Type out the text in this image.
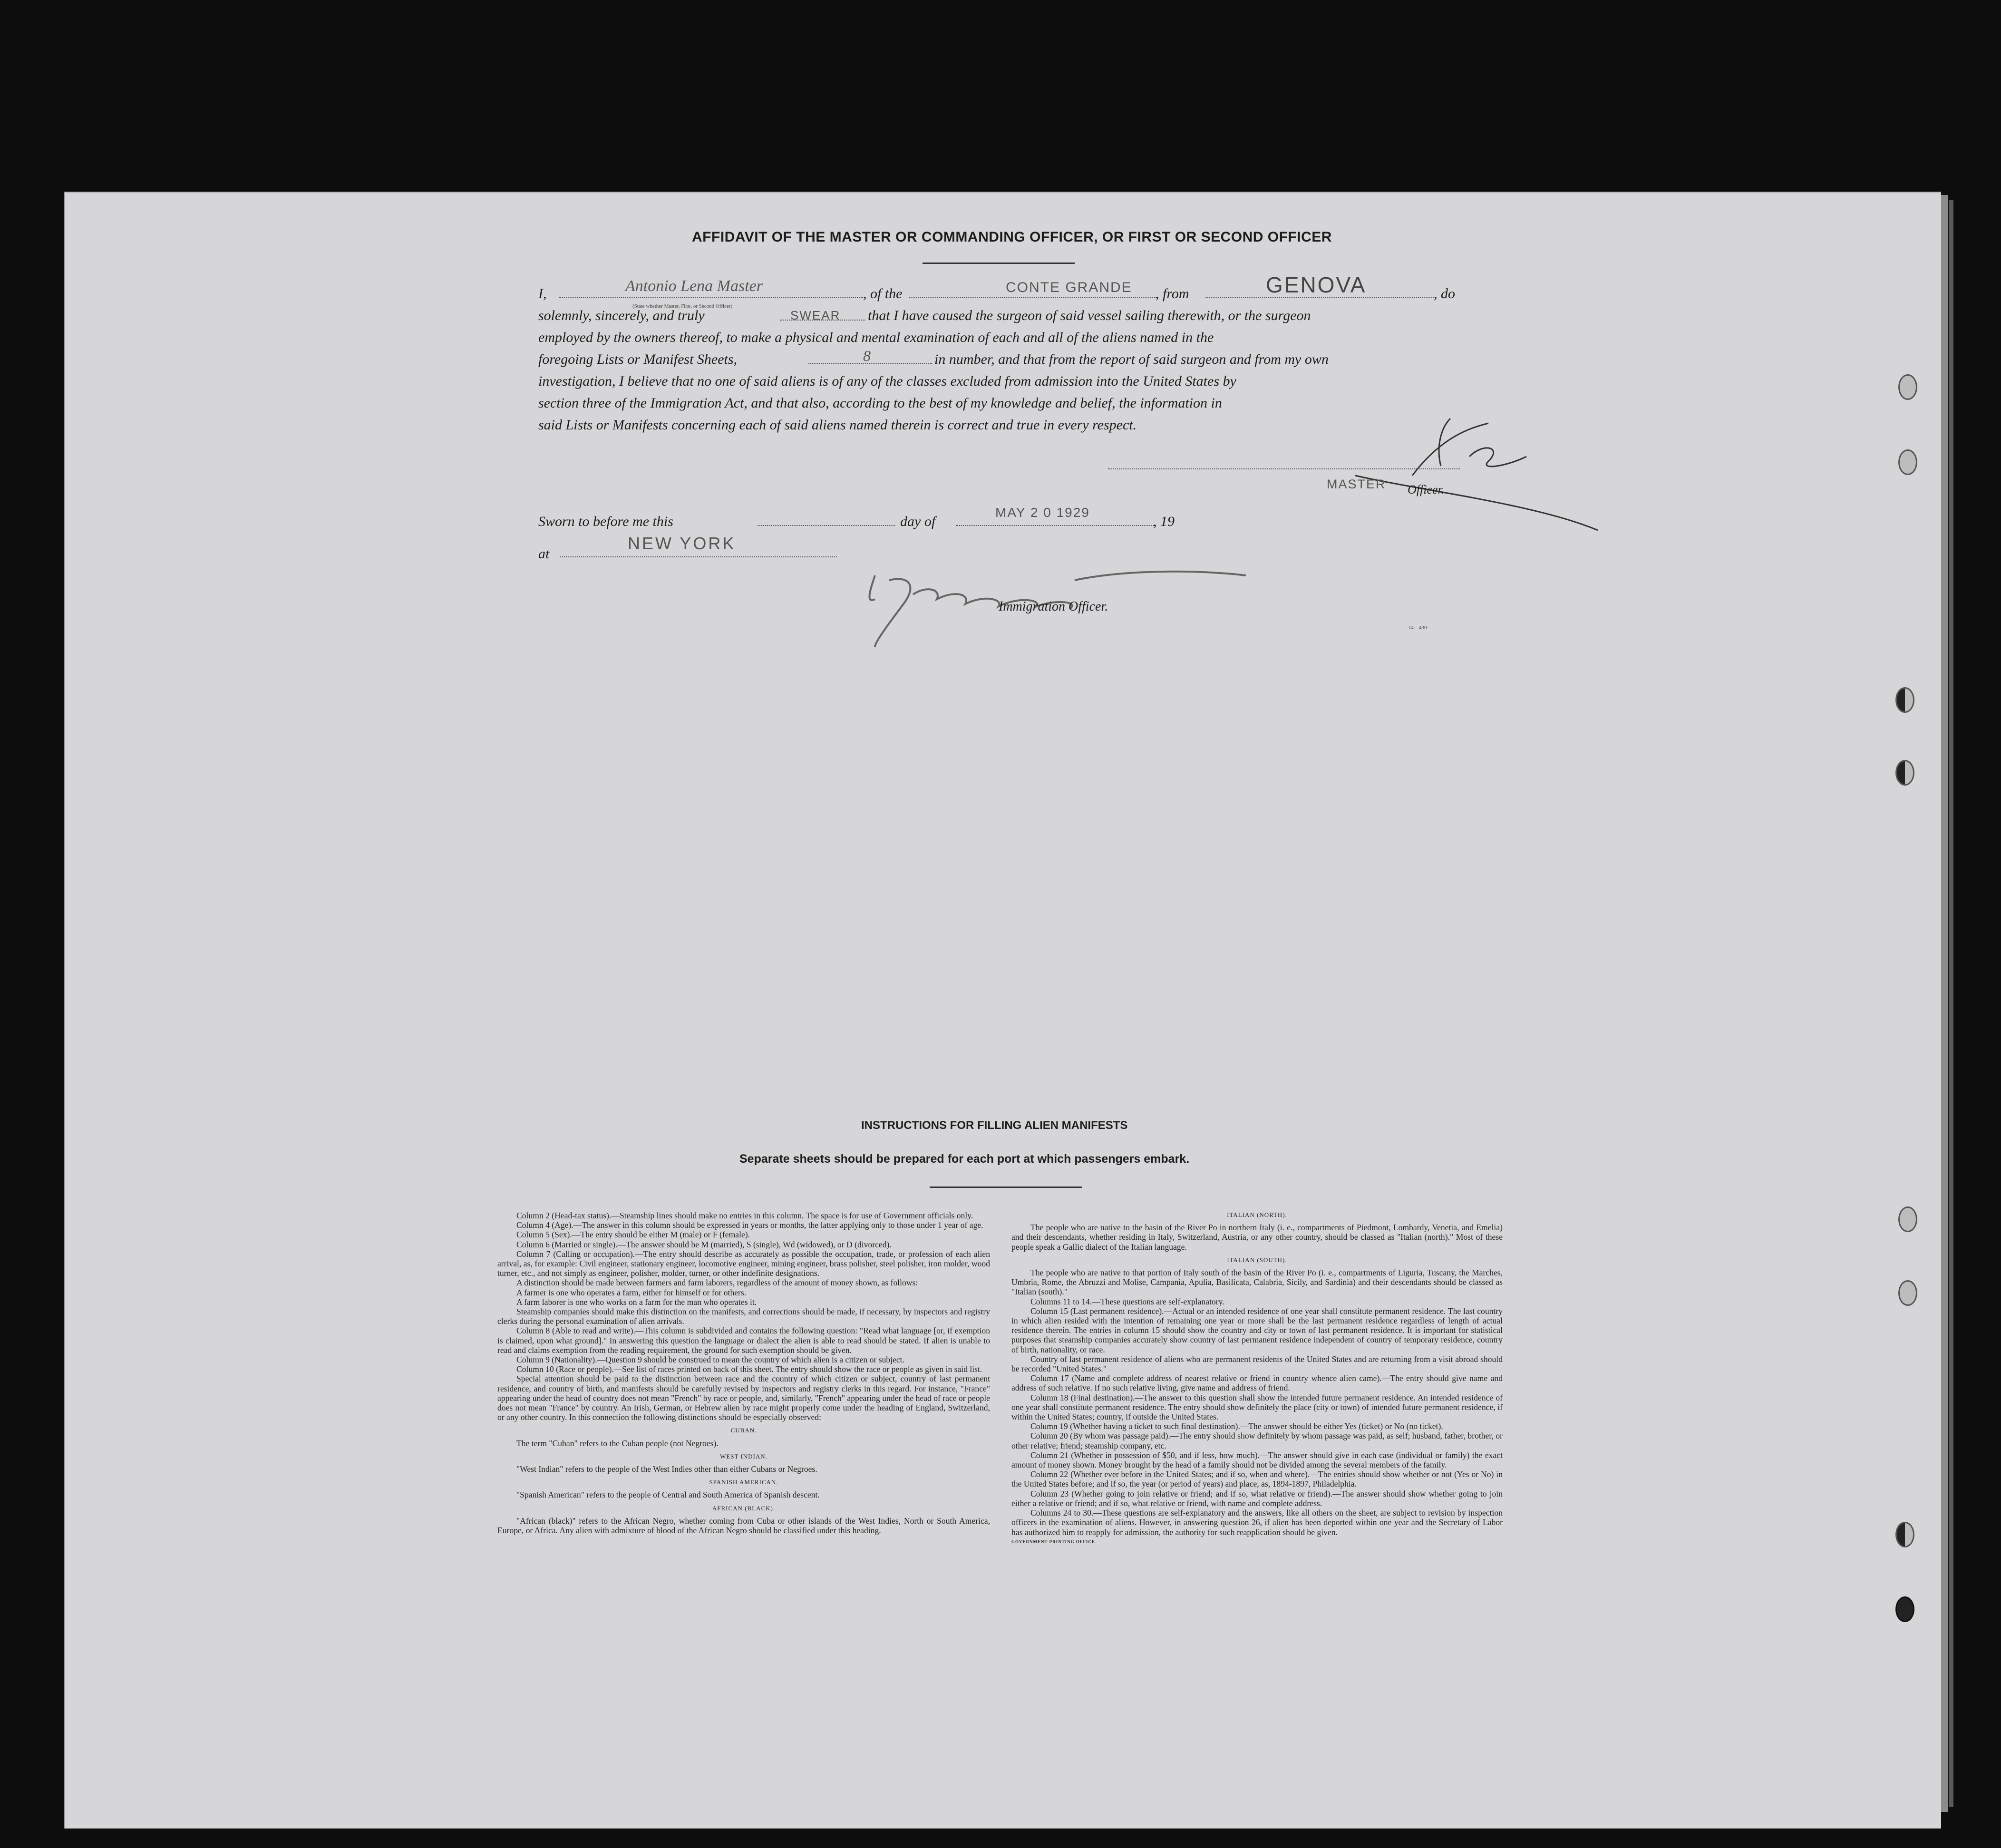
AFFIDAVIT OF THE MASTER OR COMMANDING OFFICER, OR FIRST OR SECOND OFFICER
I,	Antonio Lena Master	, of the	CONTE GRANDE , from	GENOVA	, do
(State whether Master, First, or Second Officer)
solemnly, sincerely, and truly	SWEAR that I have caused the surgeon of said vessel sailing therewith, or the surgeon
employed by the owners thereof, to make a physical and mental examination of each and all of the aliens named in the
foregoing Lists or Manifest Sheets,	8	in number, and that from the report of said surgeon and from my own
investigation, I believe that no one of said aliens is of any of the classes excluded from admission into the United States by
section three of the Immigration Act, and that also, according to the best of my knowledge and belief, the information in
said Lists or Manifests concerning each of said aliens named therein is correct and true in every respect.
MASTER Officer.
Sworn to before me this	day of
MAY 2 0 1929
, 19
at
NEW YORK
Immigration Officer.
14—430
INSTRUCTIONS FOR FILLING ALIEN MANIFESTS
Separate sheets should be prepared for each port at which passengers embark.

Column 2 (Head-tax status).—Steamship lines should make no entries in this column. The space is for use of Government officials only.

Column 4 (Age).—The answer in this column should be expressed in years or months, the latter applying only to those under 1 year of age.

Column 5 (Sex).—The entry should be either M (male) or F (female).

Column 6 (Married or single).—The answer should be M (married), S (single), Wd (widowed), or D (divorced).

Column 7 (Calling or occupation).—The entry should describe as accurately as possible the occupation, trade, or profession of each alien arrival, as, for example: Civil engineer, stationary engineer, locomotive engineer, mining engineer, brass polisher, steel polisher, iron molder, wood turner, etc., and not simply as engineer, polisher, molder, turner, or other indefinite designations.

A distinction should be made between farmers and farm laborers, regardless of the amount of money shown, as follows:

A farmer is one who operates a farm, either for himself or for others.

A farm laborer is one who works on a farm for the man who operates it.

Steamship companies should make this distinction on the manifests, and corrections should be made, if necessary, by inspectors and registry clerks during the personal examination of alien arrivals.

Column 8 (Able to read and write).—This column is subdivided and contains the following question: "Read what language [or, if exemption is claimed, upon what ground]." In answering this question the language or dialect the alien is able to read should be stated. If alien is unable to read and claims exemption from the reading requirement, the ground for such exemption should be given.

Column 9 (Nationality).—Question 9 should be construed to mean the country of which alien is a citizen or subject.

Column 10 (Race or people).—See list of races printed on back of this sheet. The entry should show the race or people as given in said list.

Special attention should be paid to the distinction between race and the country of which citizen or subject, country of last permanent residence, and country of birth, and manifests should be carefully revised by inspectors and registry clerks in this regard. For instance, "France" appearing under the head of country does not mean "French" by race or people, and, similarly, "French" appearing under the head of race or people does not mean "France" by country. An Irish, German, or Hebrew alien by race might properly come under the heading of England, Switzerland, or any other country. In this connection the following distinctions should be especially observed:

CUBAN.

The term "Cuban" refers to the Cuban people (not Negroes).

WEST INDIAN.

"West Indian" refers to the people of the West Indies other than either Cubans or Negroes.

SPANISH AMERICAN.

"Spanish American" refers to the people of Central and South America of Spanish descent.

AFRICAN (BLACK).

"African (black)" refers to the African Negro, whether coming from Cuba or other islands of the West Indies, North or South America, Europe, or Africa. Any alien with admixture of blood of the African Negro should be classified under this heading.

ITALIAN (NORTH).

The people who are native to the basin of the River Po in northern Italy (i. e., compartments of Piedmont, Lombardy, Venetia, and Emelia) and their descendants, whether residing in Italy, Switzerland, Austria, or any other country, should be classed as "Italian (north)." Most of these people speak a Gallic dialect of the Italian language.

ITALIAN (SOUTH).

The people who are native to that portion of Italy south of the basin of the River Po (i. e., compartments of Liguria, Tuscany, the Marches, Umbria, Rome, the Abruzzi and Molise, Campania, Apulia, Basilicata, Calabria, Sicily, and Sardinia) and their descendants should be classed as "Italian (south)."

Columns 11 to 14.—These questions are self-explanatory.

Column 15 (Last permanent residence).—Actual or an intended residence of one year shall constitute permanent residence. The last country in which alien resided with the intention of remaining one year or more shall be the last permanent residence regardless of length of actual residence therein. The entries in column 15 should show the country and city or town of last permanent residence. It is important for statistical purposes that steamship companies accurately show country of last permanent residence independent of country of temporary residence, country of birth, nationality, or race.

Country of last permanent residence of aliens who are permanent residents of the United States and are returning from a visit abroad should be recorded "United States."

Column 17 (Name and complete address of nearest relative or friend in country whence alien came).—The entry should give name and address of such relative. If no such relative living, give name and address of friend.

Column 18 (Final destination).—The answer to this question shall show the intended future permanent residence. An intended residence of one year shall constitute permanent residence. The entry should show definitely the place (city or town) of intended future permanent residence, if within the United States; country, if outside the United States.

Column 19 (Whether having a ticket to such final destination).—The answer should be either Yes (ticket) or No (no ticket).

Column 20 (By whom was passage paid).—The entry should show definitely by whom passage was paid, as self; husband, father, brother, or other relative; friend; steamship company, etc.

Column 21 (Whether in possession of $50, and if less, how much).—The answer should give in each case (individual or family) the exact amount of money shown. Money brought by the head of a family should not be divided among the several members of the family.

Column 22 (Whether ever before in the United States; and if so, when and where).—The entries should show whether or not (Yes or No) in the United States before; and if so, the year (or period of years) and place, as, 1894-1897, Philadelphia.

Column 23 (Whether going to join relative or friend; and if so, what relative or friend).—The answer should show whether going to join either a relative or friend; and if so, what relative or friend, with name and complete address.

Columns 24 to 30.—These questions are self-explanatory and the answers, like all others on the sheet, are subject to revision by inspection officers in the examination of aliens. However, in answering question 26, if alien has been deported within one year and the Secretary of Labor has authorized him to reapply for admission, the authority for such reapplication should be given.

GOVERNMENT PRINTING OFFICE
